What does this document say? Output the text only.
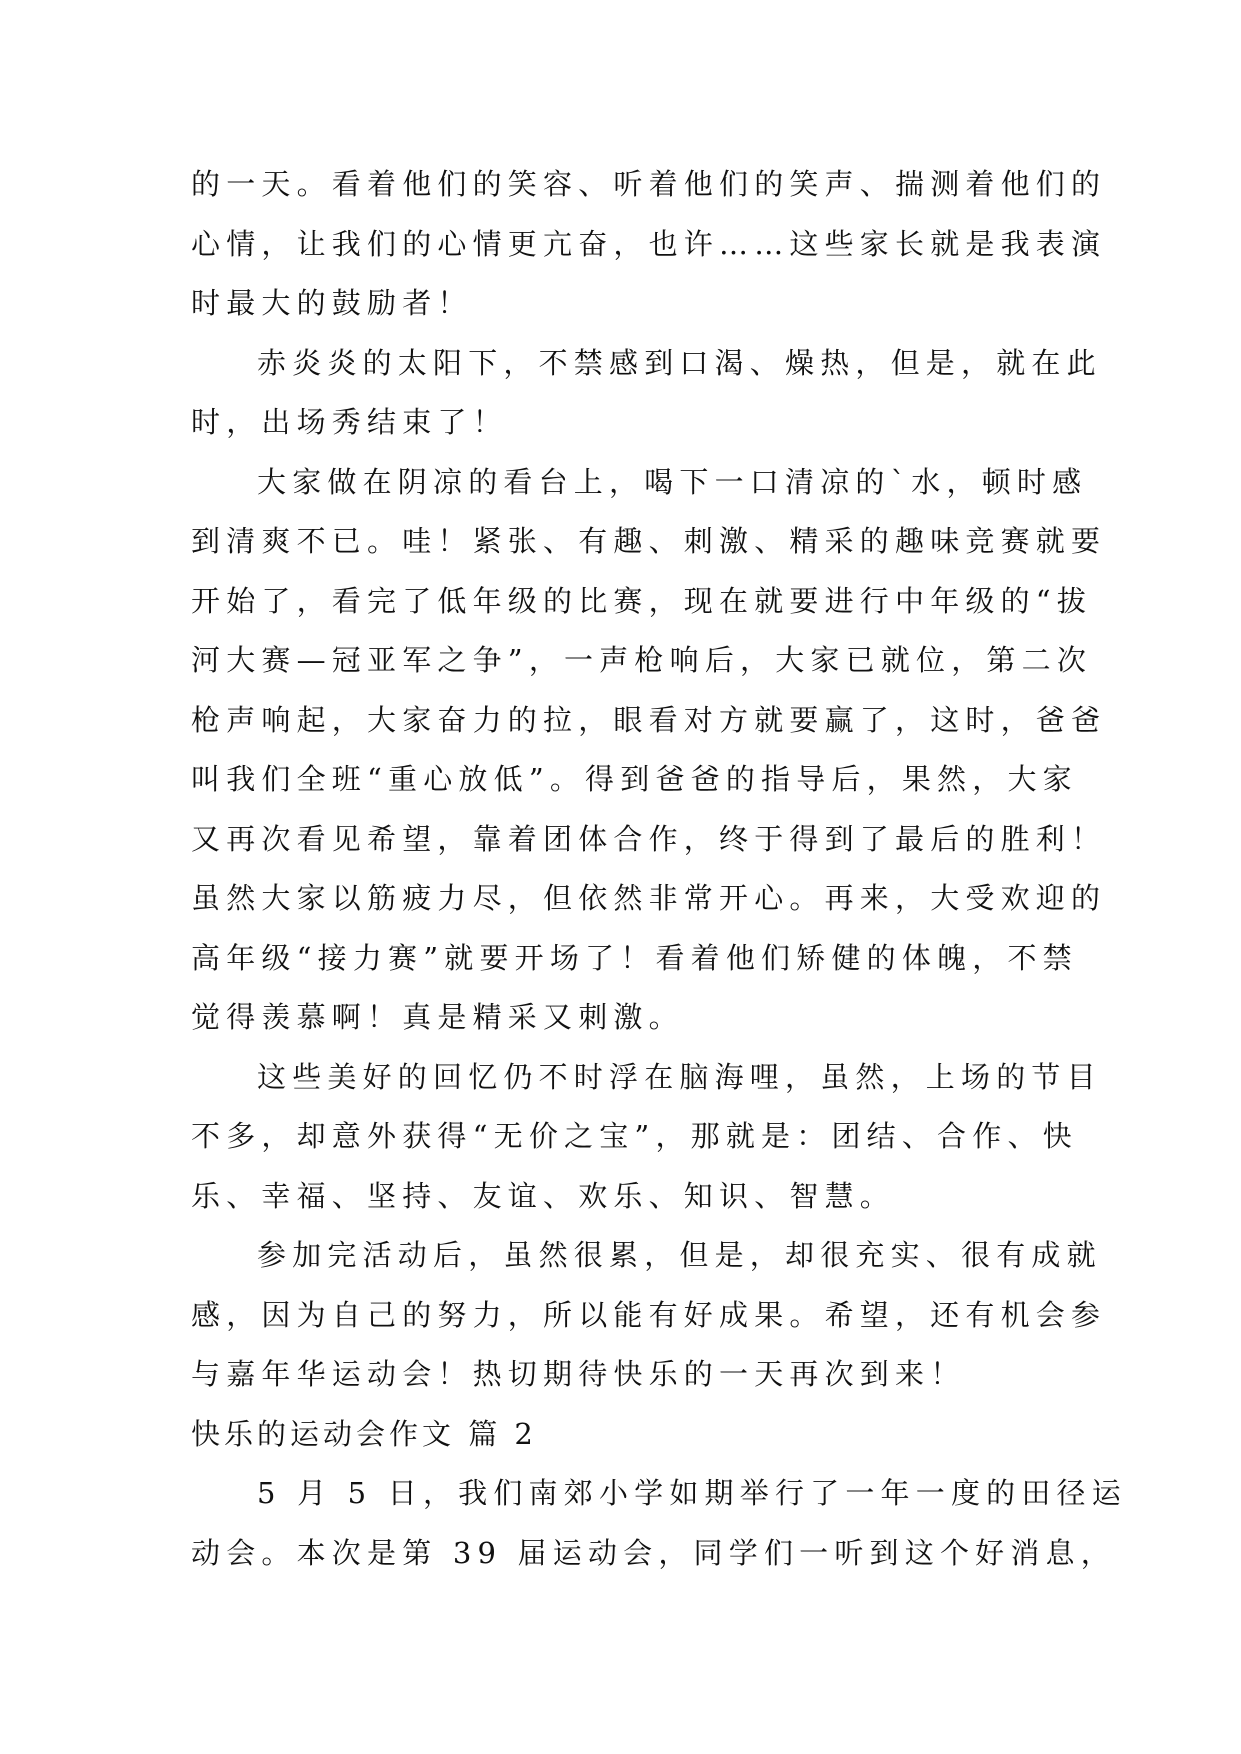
的一天。看着他们的笑容、听着他们的笑声、揣测着他们的
心情，让我们的心情更亢奋，也许……这些家长就是我表演
时最大的鼓励者！
赤炎炎的太阳下，不禁感到口渴、燥热，但是，就在此
时，出场秀结束了！
大家做在阴凉的看台上，喝下一口清凉的`水，顿时感
到清爽不已。哇！紧张、有趣、刺激、精采的趣味竞赛就要
开始了，看完了低年级的比赛，现在就要进行中年级的“拔
河大赛—冠亚军之争”，一声枪响后，大家已就位，第二次
枪声响起，大家奋力的拉，眼看对方就要赢了，这时，爸爸
叫我们全班“重心放低”。得到爸爸的指导后，果然，大家
又再次看见希望，靠着团体合作，终于得到了最后的胜利！
虽然大家以筋疲力尽，但依然非常开心。再来，大受欢迎的
高年级“接力赛”就要开场了！看着他们矫健的体魄，不禁
觉得羡慕啊！真是精采又刺激。
这些美好的回忆仍不时浮在脑海哩，虽然，上场的节目
不多，却意外获得“无价之宝”，那就是：团结、合作、快
乐、幸福、坚持、友谊、欢乐、知识、智慧。
参加完活动后，虽然很累，但是，却很充实、很有成就
感，因为自己的努力，所以能有好成果。希望，还有机会参
与嘉年华运动会！热切期待快乐的一天再次到来！
快乐的运动会作文 篇 2
5 月 5 日，我们南郊小学如期举行了一年一度的田径运
动会。本次是第 39 届运动会，同学们一听到这个好消息，
